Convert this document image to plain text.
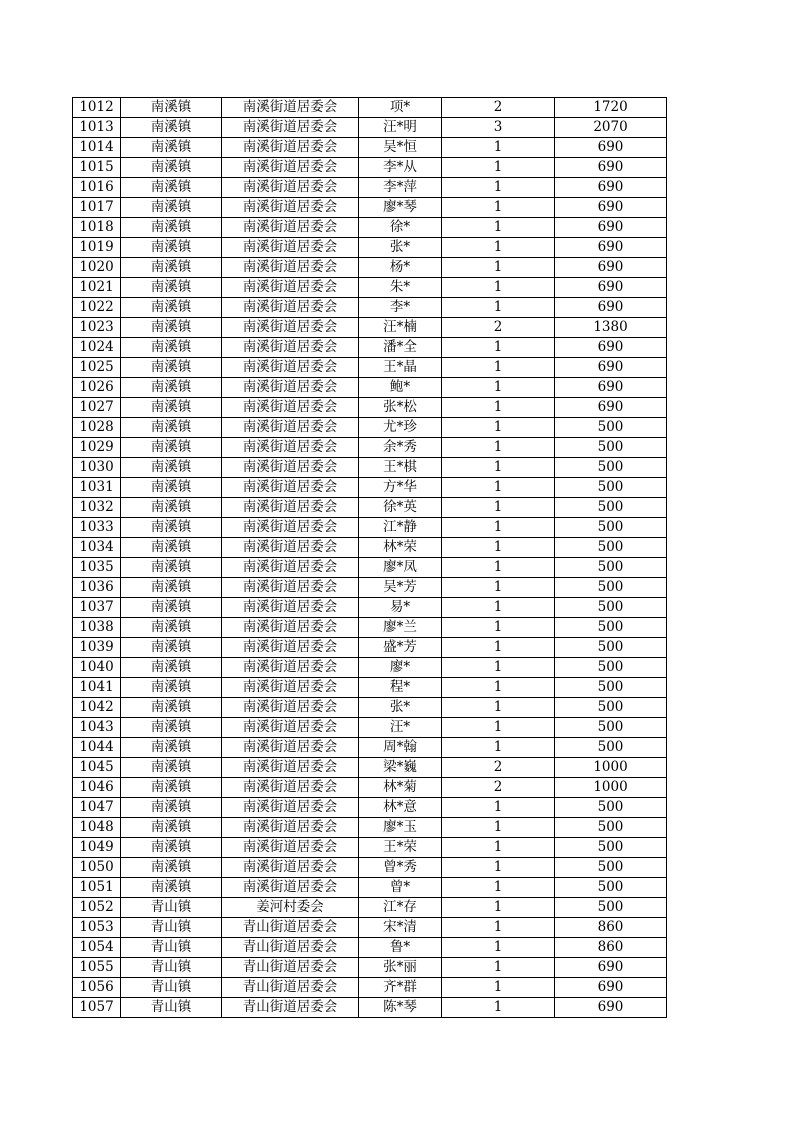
1012	南溪镇	南溪街道居委会	项*	2	1720
1013	南溪镇	南溪街道居委会	汪*明	3	2070
1014	南溪镇	南溪街道居委会	吴*恒	1	690
1015	南溪镇	南溪街道居委会	李*从	1	690
1016	南溪镇	南溪街道居委会	李*萍	1	690
1017	南溪镇	南溪街道居委会	廖*琴	1	690
1018	南溪镇	南溪街道居委会	徐*	1	690
1019	南溪镇	南溪街道居委会	张*	1	690
1020	南溪镇	南溪街道居委会	杨*	1	690
1021	南溪镇	南溪街道居委会	朱*	1	690
1022	南溪镇	南溪街道居委会	李*	1	690
1023	南溪镇	南溪街道居委会	汪*楠	2	1380
1024	南溪镇	南溪街道居委会	潘*全	1	690
1025	南溪镇	南溪街道居委会	王*晶	1	690
1026	南溪镇	南溪街道居委会	鲍*	1	690
1027	南溪镇	南溪街道居委会	张*松	1	690
1028	南溪镇	南溪街道居委会	尤*珍	1	500
1029	南溪镇	南溪街道居委会	余*秀	1	500
1030	南溪镇	南溪街道居委会	王*棋	1	500
1031	南溪镇	南溪街道居委会	方*华	1	500
1032	南溪镇	南溪街道居委会	徐*英	1	500
1033	南溪镇	南溪街道居委会	江*静	1	500
1034	南溪镇	南溪街道居委会	林*荣	1	500
1035	南溪镇	南溪街道居委会	廖*凤	1	500
1036	南溪镇	南溪街道居委会	吴*芳	1	500
1037	南溪镇	南溪街道居委会	易*	1	500
1038	南溪镇	南溪街道居委会	廖*兰	1	500
1039	南溪镇	南溪街道居委会	盛*芳	1	500
1040	南溪镇	南溪街道居委会	廖*	1	500
1041	南溪镇	南溪街道居委会	程*	1	500
1042	南溪镇	南溪街道居委会	张*	1	500
1043	南溪镇	南溪街道居委会	汪*	1	500
1044	南溪镇	南溪街道居委会	周*翰	1	500
1045	南溪镇	南溪街道居委会	梁*巍	2	1000
1046	南溪镇	南溪街道居委会	林*菊	2	1000
1047	南溪镇	南溪街道居委会	林*意	1	500
1048	南溪镇	南溪街道居委会	廖*玉	1	500
1049	南溪镇	南溪街道居委会	王*荣	1	500
1050	南溪镇	南溪街道居委会	曾*秀	1	500
1051	南溪镇	南溪街道居委会	曾*	1	500
1052	青山镇	姜河村委会	江*存	1	500
1053	青山镇	青山街道居委会	宋*清	1	860
1054	青山镇	青山街道居委会	鲁*	1	860
1055	青山镇	青山街道居委会	张*丽	1	690
1056	青山镇	青山街道居委会	齐*群	1	690
1057	青山镇	青山街道居委会	陈*琴	1	690
